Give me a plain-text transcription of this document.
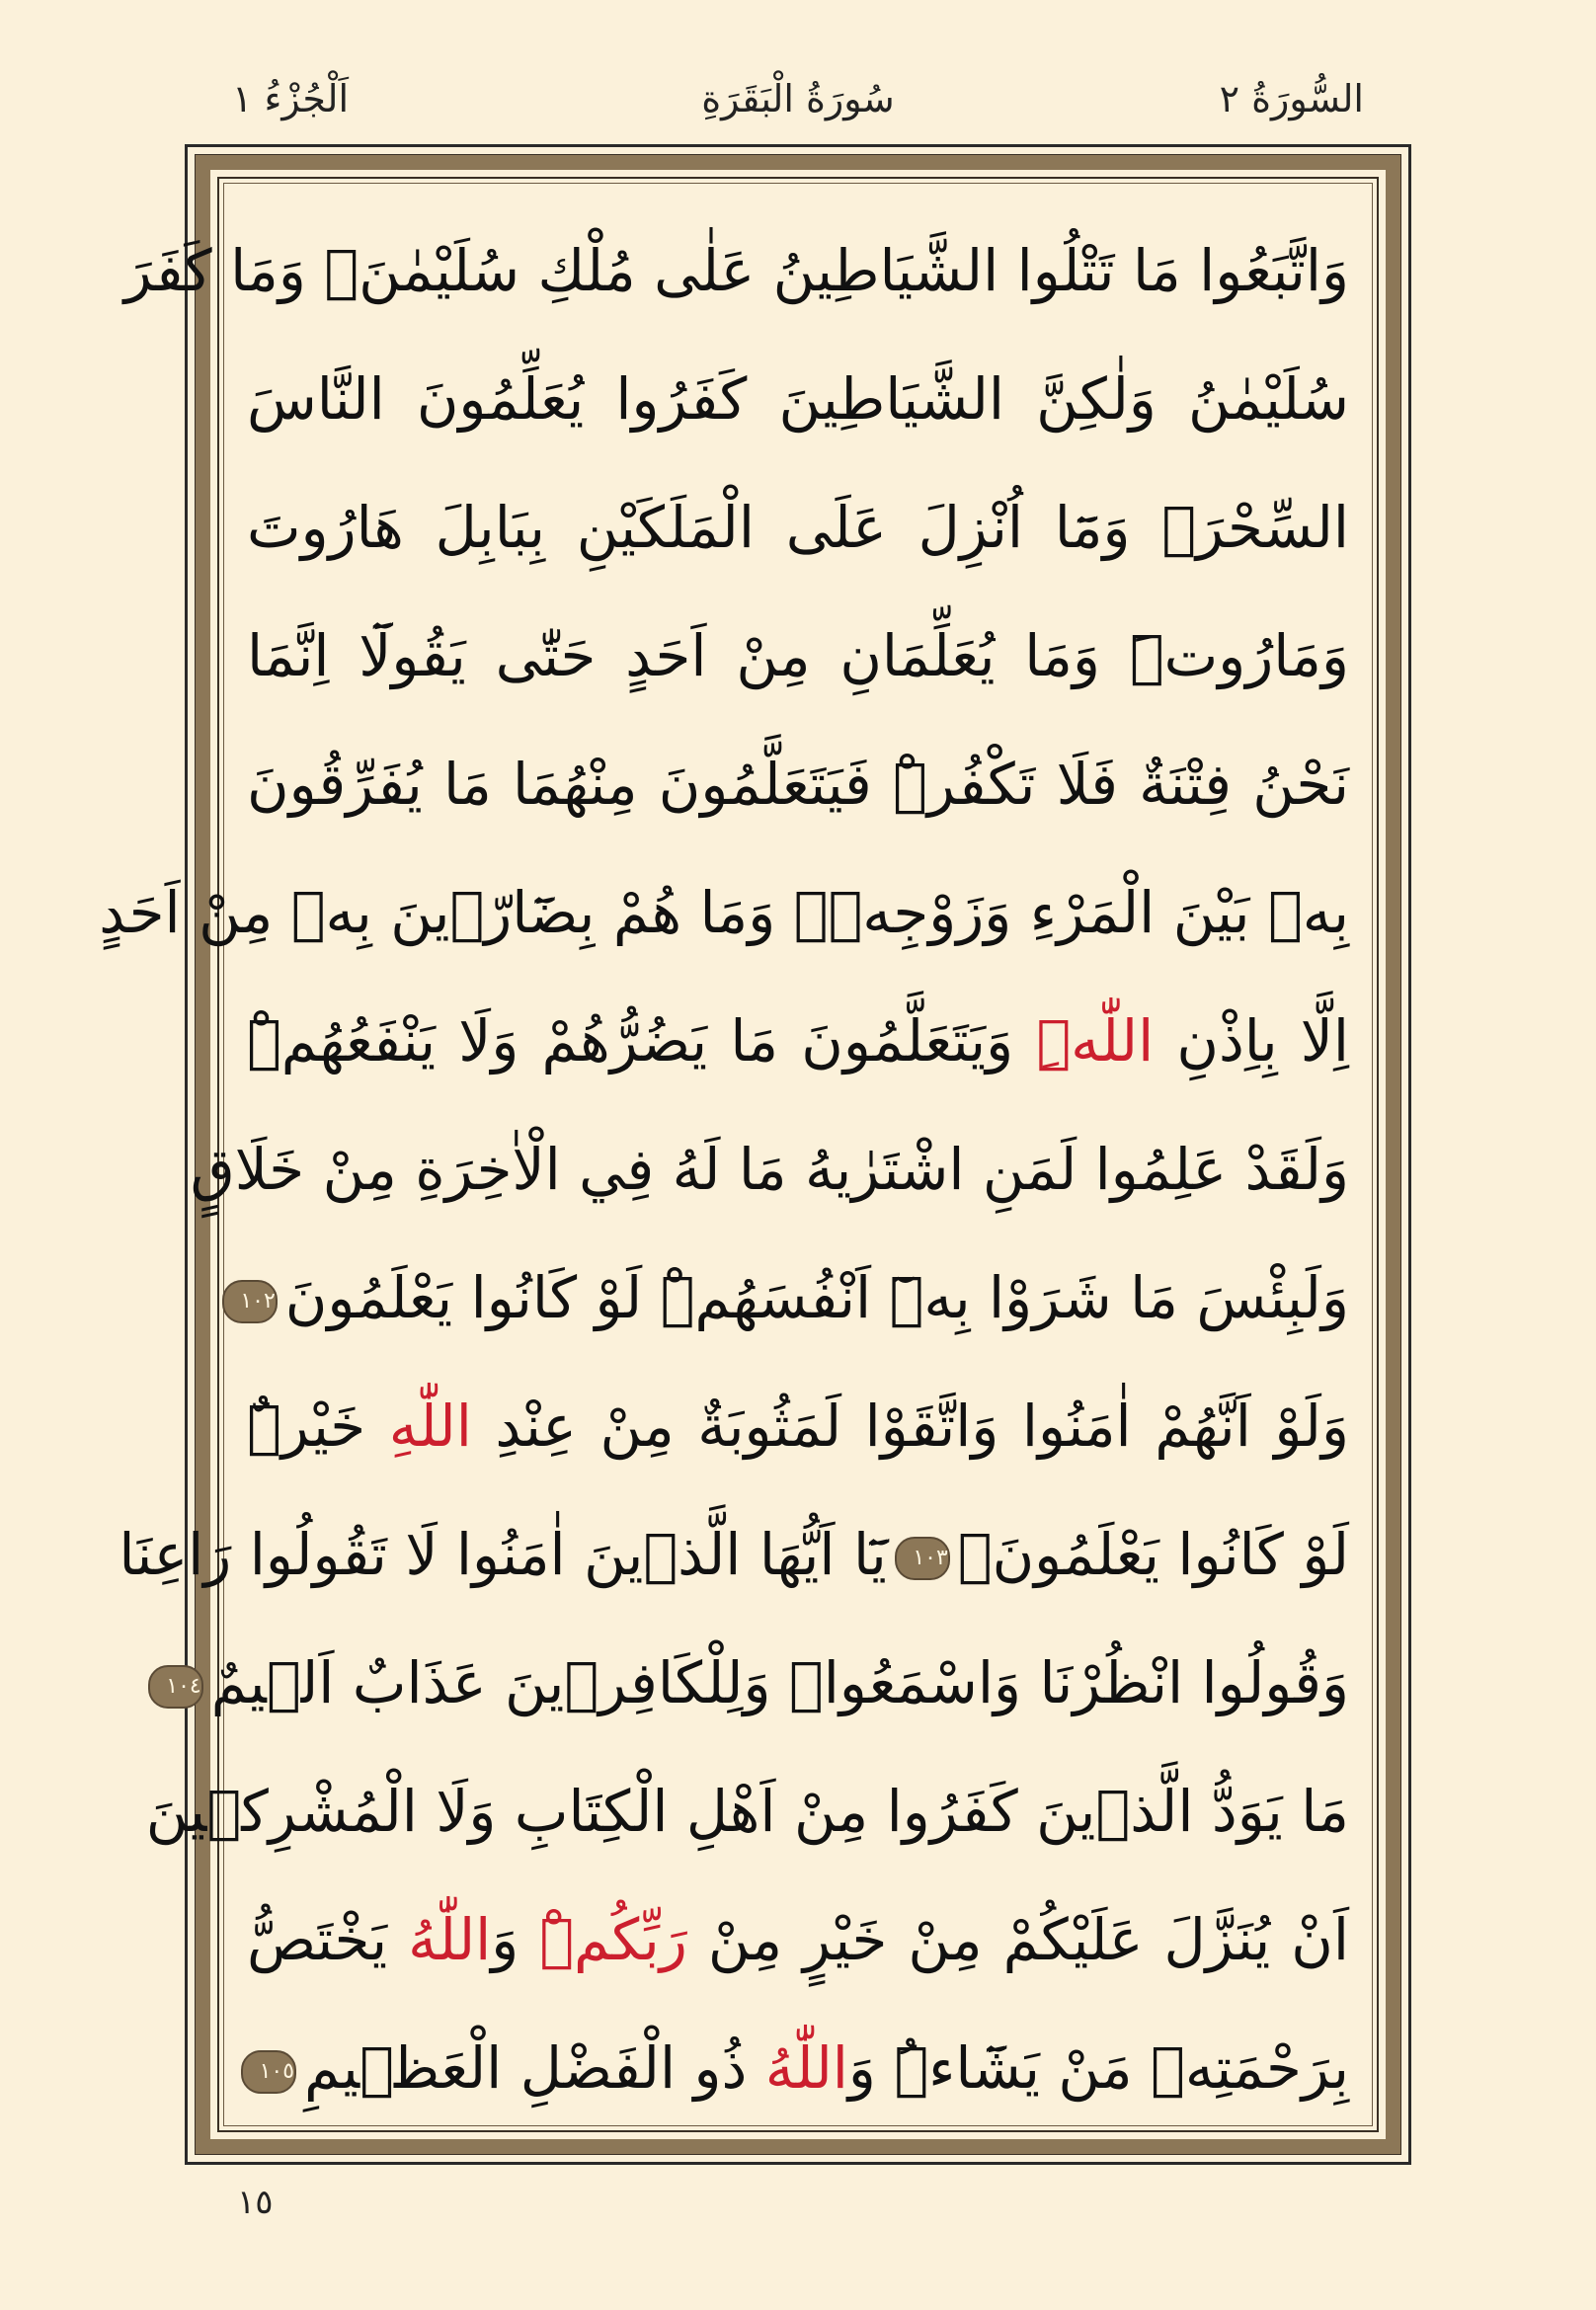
السُّورَةُ ٢
سُورَةُ الْبَقَرَةِ
اَلْجُزْءُ ١
وَاتَّبَعُوا مَا تَتْلُوا الشَّيَاطِينُ عَلٰى مُلْكِ سُلَيْمٰنَۚ وَمَا كَفَرَ
سُلَيْمٰنُ وَلٰكِنَّ الشَّيَاطِينَ كَفَرُوا يُعَلِّمُونَ النَّاسَ
السِّحْرَۗ وَمَٓا اُنْزِلَ عَلَى الْمَلَكَيْنِ بِبَابِلَ هَارُوتَ
وَمَارُوتَۜ وَمَا يُعَلِّمَانِ مِنْ اَحَدٍ حَتّٰى يَقُولَٓا اِنَّمَا
نَحْنُ فِتْنَةٌ فَلَا تَكْفُرْۜ فَيَتَعَلَّمُونَ مِنْهُمَا مَا يُفَرِّقُونَ
بِهٖ بَيْنَ الْمَرْءِ وَزَوْجِهٖۜ وَمَا هُمْ بِضَٓارّٖينَ بِهٖ مِنْ اَحَدٍ
اِلَّا بِاِذْنِ اللّٰهِۜ وَيَتَعَلَّمُونَ مَا يَضُرُّهُمْ وَلَا يَنْفَعُهُمْۜ
وَلَقَدْ عَلِمُوا لَمَنِ اشْتَرٰيهُ مَا لَهُ فِي الْاٰخِرَةِ مِنْ خَلَاقٍ
وَلَبِئْسَ مَا شَرَوْا بِهٖٓ اَنْفُسَهُمْۜ لَوْ كَانُوا يَعْلَمُونَ١٠٢
وَلَوْ اَنَّهُمْ اٰمَنُوا وَاتَّقَوْا لَمَثُوبَةٌ مِنْ عِنْدِ اللّٰهِ خَيْرٌۜ
لَوْ كَانُوا يَعْلَمُونَ۟١٠٣يَٓا اَيُّهَا الَّذ۪ينَ اٰمَنُوا لَا تَقُولُوا رَاعِنَا
وَقُولُوا انْظُرْنَا وَاسْمَعُواۜ وَلِلْكَافِر۪ينَ عَذَابٌ اَل۪يمٌ١٠٤
مَا يَوَدُّ الَّذ۪ينَ كَفَرُوا مِنْ اَهْلِ الْكِتَابِ وَلَا الْمُشْرِك۪ينَ
اَنْ يُنَزَّلَ عَلَيْكُمْ مِنْ خَيْرٍ مِنْ رَبِّكُمْۜ وَاللّٰهُ يَخْتَصُّ
بِرَحْمَتِه۪ مَنْ يَشَٓاءُۜ وَاللّٰهُ ذُو الْفَضْلِ الْعَظ۪يمِ١٠٥
١٥
